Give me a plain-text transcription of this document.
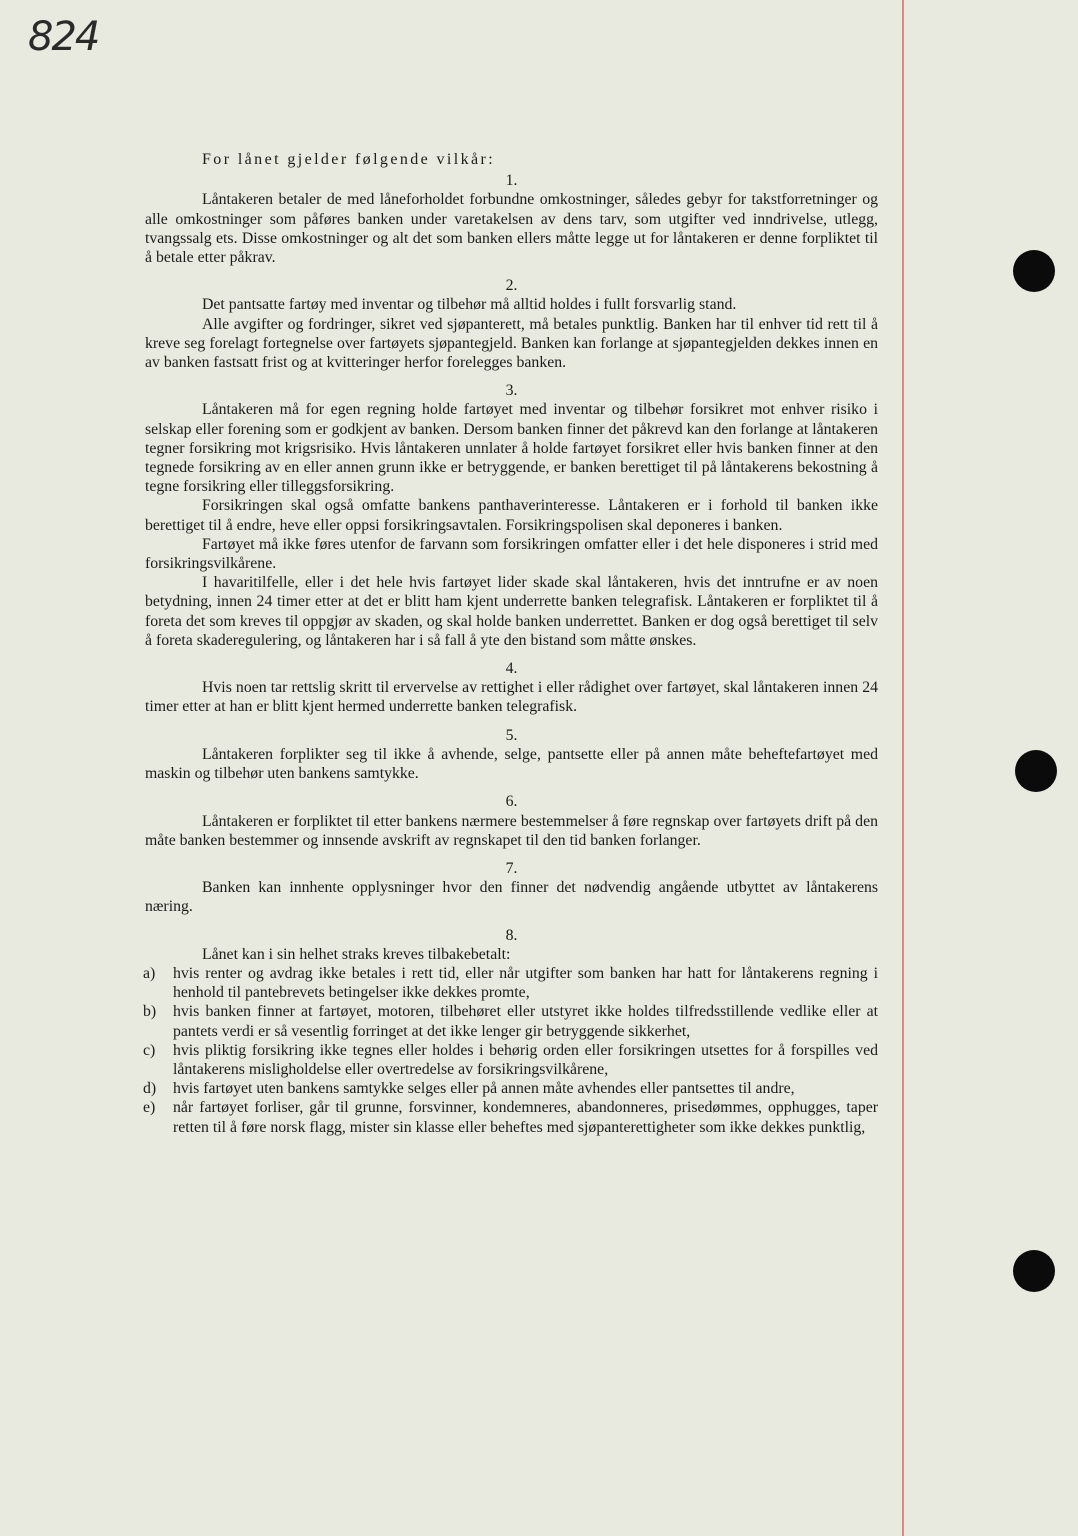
824
For lånet gjelder følgende vilkår:
1.

Låntakeren betaler de med låneforholdet forbundne omkostninger, således gebyr for takstforretninger og alle omkostninger som påføres banken under varetakelsen av dens tarv, som utgifter ved inndrivelse, utlegg, tvangssalg ets. Disse omkostninger og alt det som banken ellers måtte legge ut for låntakeren er denne forpliktet til å betale etter påkrav.

2.

Det pantsatte fartøy med inventar og tilbehør må alltid holdes i fullt forsvarlig stand.

Alle avgifter og fordringer, sikret ved sjøpanterett, må betales punktlig. Banken har til enhver tid rett til å kreve seg forelagt fortegnelse over fartøyets sjøpantegjeld. Banken kan forlange at sjøpantegjelden dekkes innen en av banken fastsatt frist og at kvitteringer herfor forelegges banken.

3.

Låntakeren må for egen regning holde fartøyet med inventar og tilbehør forsikret mot enhver risiko i selskap eller forening som er godkjent av banken. Dersom banken finner det påkrevd kan den forlange at låntakeren tegner forsikring mot krigsrisiko. Hvis låntakeren unnlater å holde fartøyet forsikret eller hvis banken finner at den tegnede forsikring av en eller annen grunn ikke er betryggende, er banken berettiget til på låntakerens bekostning å tegne forsikring eller tilleggsforsikring.

Forsikringen skal også omfatte bankens panthaverinteresse. Låntakeren er i forhold til banken ikke berettiget til å endre, heve eller oppsi forsikringsavtalen. Forsikringspolisen skal deponeres i banken.

Fartøyet må ikke føres utenfor de farvann som forsikringen omfatter eller i det hele disponeres i strid med forsikringsvilkårene.

I havaritilfelle, eller i det hele hvis fartøyet lider skade skal låntakeren, hvis det inntrufne er av noen betydning, innen 24 timer etter at det er blitt ham kjent underrette banken telegrafisk. Låntakeren er forpliktet til å foreta det som kreves til oppgjør av skaden, og skal holde banken underrettet. Banken er dog også berettiget til selv å foreta skaderegulering, og låntakeren har i så fall å yte den bistand som måtte ønskes.

4.

Hvis noen tar rettslig skritt til ervervelse av rettighet i eller rådighet over fartøyet, skal låntakeren innen 24 timer etter at han er blitt kjent hermed underrette banken telegrafisk.

5.

Låntakeren forplikter seg til ikke å avhende, selge, pantsette eller på annen måte beheftefartøyet med maskin og tilbehør uten bankens samtykke.

6.

Låntakeren er forpliktet til etter bankens nærmere bestemmelser å føre regnskap over fartøyets drift på den måte banken bestemmer og innsende avskrift av regnskapet til den tid banken forlanger.

7.

Banken kan innhente opplysninger hvor den finner det nødvendig angående utbyttet av låntakerens næring.

8.

Lånet kan i sin helhet straks kreves tilbakebetalt:

a)	hvis renter og avdrag ikke betales i rett tid, eller når utgifter som banken har hatt for låntakerens regning i henhold til pantebrevets betingelser ikke dekkes promte,
b)	hvis banken finner at fartøyet, motoren, tilbehøret eller utstyret ikke holdes tilfredsstillende vedlike eller at pantets verdi er så vesentlig forringet at det ikke lenger gir betryggende sikkerhet,
c)	hvis pliktig forsikring ikke tegnes eller holdes i behørig orden eller forsikringen utsettes for å forspilles ved låntakerens misligholdelse eller overtredelse av forsikringsvilkårene,
d)	hvis fartøyet uten bankens samtykke selges eller på annen måte avhendes eller pantsettes til andre,
e)	når fartøyet forliser, går til grunne, forsvinner, kondemneres, abandonneres, prisedømmes, opphugges, taper retten til å føre norsk flagg, mister sin klasse eller beheftes med sjøpanterettigheter som ikke dekkes punktlig,
